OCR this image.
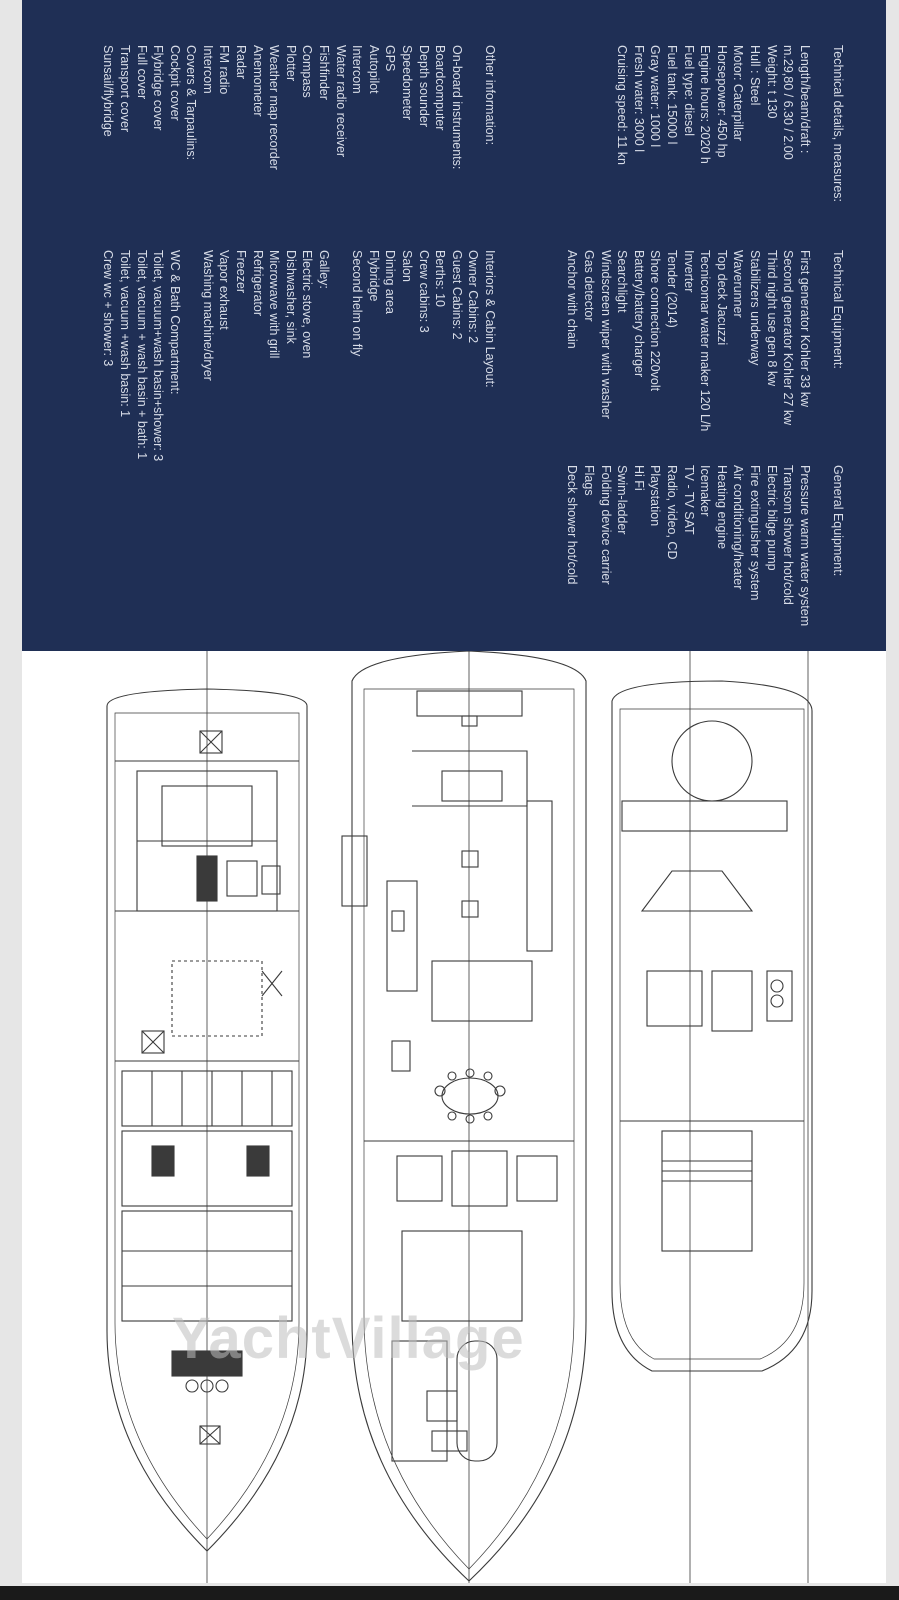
Technical details, measures:
Length/beam/draft :
m.29,80 / 6.30 / 2.00
Weight: t 130
Hull : Steel
Motor: Caterpillar
Horsepower: 450 hp
Engine hours: 2020 h
Fuel type: diesel
Fuel tank: 15000 l
Gray water: 1000 l
Fresh water: 3000 l
Cruising speed: 11 kn
Other information:
On-board instruments:
Boardcomputer
Depth sounder
Speedometer
GPS
Autopilot
Intercom
Water radio receiver
Fishfinder
Compass
Plotter
Weather map recorder
Anemometer
Radar
FM radio
Intercom
Covers & Tarpaulins:
Cockpit cover
Flybridge cover
Full cover
Transport cover
Sunsail/flybridge
Technical Equipment:
First generator Kohler 33 kw
Second generator Kohler 27 kw
Third night use gen 8 kw
Stabilizers underway
Waverunner
Top deck Jacuzzi
Tecnicomar water maker 120 L/h
Inverter
Tender (2014)
Shore connection 220volt
Battery/battery charger
Searchlight
Windscreen wiper with washer
Gas detector
Anchor with chain
Interiors & Cabin Layout:
Owner Cabins: 2
Guest Cabins: 2
Berths: 10
Crew cabins: 3
Salon
Dining area
Flybridge
Second helm on fly
Galley:
Electric stove, oven
Dishwasher, sink
Microwave with grill
Refrigerator
Freezer
Vapor exhaust
Washing machine/dryer
WC & Bath Compartment:
Toilet, vacuum+wash basin+shower: 3
Toilet, vacuum + wash basin + bath: 1
Toilet, vacuum +wash basin: 1
Crew wc + shower: 3
General Equipment:
Pressure warm water system
Transom shower hot/cold
Electric bilge pump
Fire extinguisher system
Air conditioning/heater
Heating engine
Icemaker
TV - TV SAT
Radio, video, CD
Playstation
Hi Fi
Swim-ladder
Folding device carrier
Flags
Deck shower hot/cold
YachtVillage
